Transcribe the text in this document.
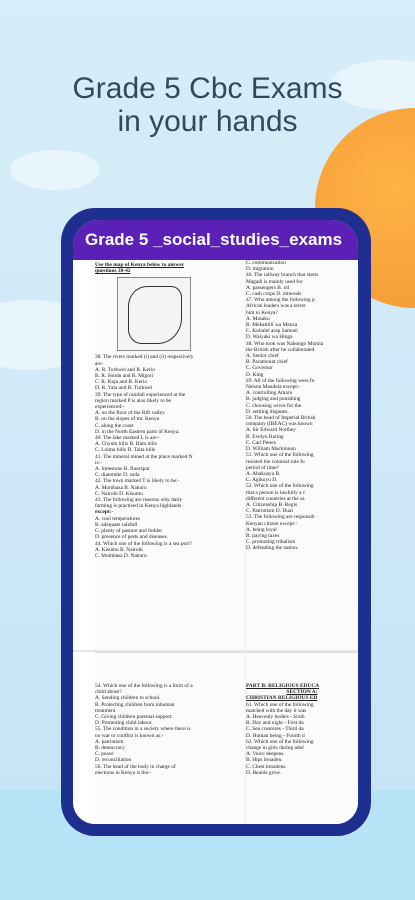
Grade 5 Cbc Exams
in your hands
Grade 5 _social_studies_exams
Use the map of Kenya below to answer
questions 38-42
38. The rivers marked (i) and (ii) respectively
are:
A. R. Turkwel and R. Kerio
B. R. Sondu and R. Migori
C. R. Kuja and R. Kerio
D. R. Yala and R. Turkwel
39. The type of rainfall experienced at the
region marked P is also likely to be
experienced:-
A. on the floor of the Rift valley
B. on the slopes of mt. Kenya
C. along the coast
D. in the North Eastern parts of Kenya.
40. The lake marked L is are:-
A. Chyulu hills B. Ham hills
C. Loima hills D. Taita hills
41. The mineral mined at the place marked N
is:-
A. limestone B. fluorspar
C. diatomite D. soda
42. The town marked T is likely to be:-
A. Mombasa B. Nakuru
C. Nairobi D. Kisumu
43. The following are reasons why dairy
farming is practised in Kenya highlands
except:-
A. cool temperatures
B. adequate rainfall
C. plenty of pasture and fodder
D. presence of pests and diseases.
44. Which one of the following is a sea port?
A. Kisumu B. Nairobi
C. Mombasa D. Nakuru
C. communication
D. migration
46. The railway branch that starts
Magadi is mainly used for
A. passengers B. oil
C. cash crops D. minerals
47. Who among the following p
African leaders was a terror
him in Kenya?
A. Masaku
B. Mekatilili wa Menza
C. Koitalel arap Samoei
D. Waiyaki wa Hinga
48. Who took was Nabongo Mumia
the British after he collaborated
A. Senior chief
B. Paramount chief
C. Governor
D. King
49. All of the following were fo
Nelson Mandela except:-
A. controlling Amaru
B. judging and punishing
C. choosing wives for the
D. settling disputes.
50. The head of Imperial British
company (IBEAC) was known
A. Sir Edward Northey
B. Evelyn Baring
C. Carl Peters
D. William Mackinnon
51. Which one of the following
resisted the colonial rule fo
period of time?
A. Abakuaya B.
C. Agikuyu D.
52. Which one of the following
that a person is lawfully a c
different countries at the sa
A. Citizenship B. Regis
C. Patriotism D. Dual
53. The following are responsib
Kenyan citizen except:-
A. being loyal
B. paying taxes
C. promoting tribalism
D. defending the nation.
54. Which one of the following is a form of a
child abuse?
A. Sending children to school.
B. Protecting children from inhuman
treatment
C. Giving children parental support.
D. Promoting child labour.
55. The condition in a society where there is
no war or conflict is known as:-
A. patriotism
B. democracy
C. peace
D. reconciliation
56. The head of the body in charge of
elections in Kenya is the:-
PART B: RELIGIOUS EDUCA
SECTION A:
CHRISTIAN RELIGIOUS ED
61. Which one of the following
matched with the day it was
A. Heavenly bodies - Sixth
B. Day and night - First da
C. Sea creatures - Third da
D. Human being - Fourth d
62. Which one of the following
change in girls during adol
A. Voice deepens.
B. Hips broaden.
C. Chest broadens.
D. Beards grow.
